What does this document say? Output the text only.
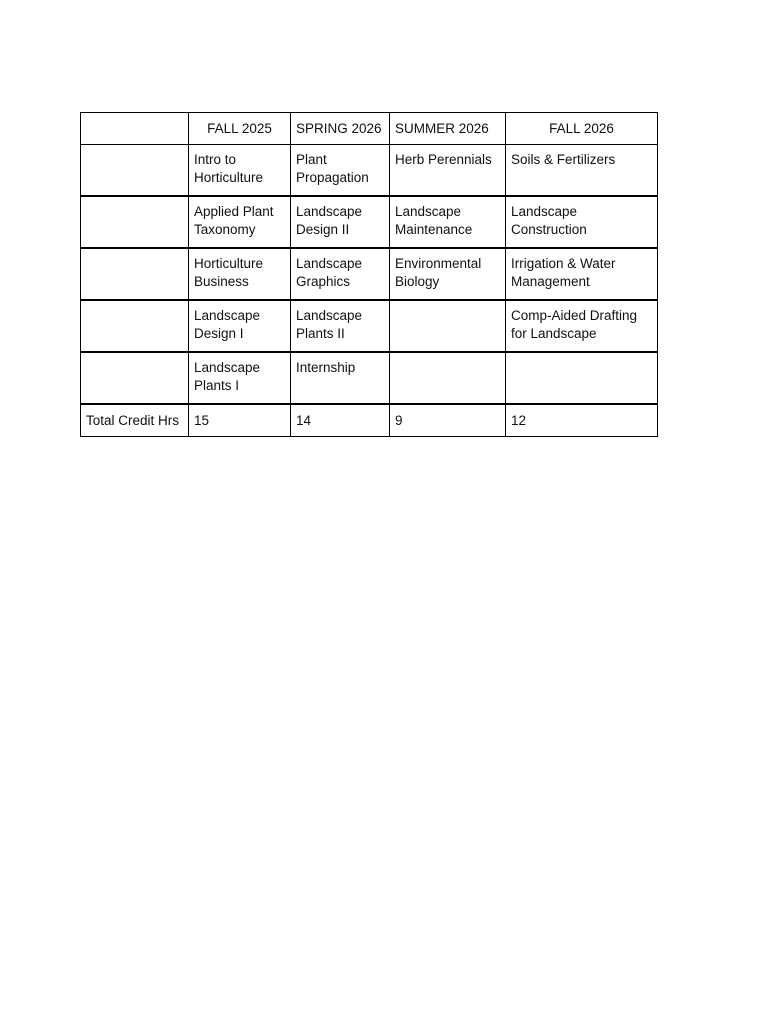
	FALL 2025	SPRING 2026	SUMMER 2026	FALL 2026
	Intro to Horticulture	Plant Propagation	Herb Perennials	Soils & Fertilizers
	Applied Plant Taxonomy	Landscape Design II	Landscape Maintenance	Landscape Construction
	Horticulture Business	Landscape Graphics	Environmental Biology	Irrigation & Water Management
	Landscape Design I	Landscape Plants II		Comp-Aided Drafting for Landscape
	Landscape Plants I	Internship		
Total Credit Hrs	15	14	9	12
